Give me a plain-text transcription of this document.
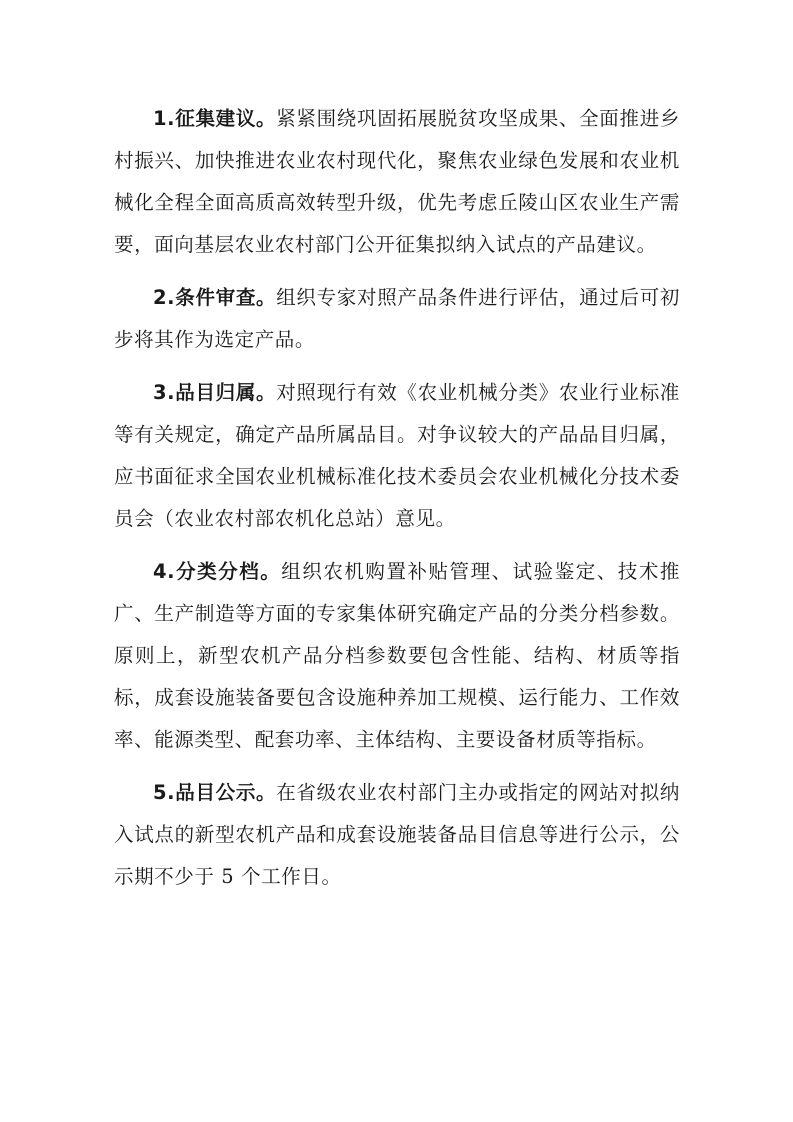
1.征集建议。紧紧围绕巩固拓展脱贫攻坚成果、全面推进乡村振兴、加快推进农业农村现代化，聚焦农业绿色发展和农业机械化全程全面高质高效转型升级，优先考虑丘陵山区农业生产需要，面向基层农业农村部门公开征集拟纳入试点的产品建议。

2.条件审查。组织专家对照产品条件进行评估，通过后可初步将其作为选定产品。

3.品目归属。对照现行有效《农业机械分类》农业行业标准等有关规定，确定产品所属品目。对争议较大的产品品目归属，应书面征求全国农业机械标准化技术委员会农业机械化分技术委员会（农业农村部农机化总站）意见。

4.分类分档。组织农机购置补贴管理、试验鉴定、技术推广、生产制造等方面的专家集体研究确定产品的分类分档参数。原则上，新型农机产品分档参数要包含性能、结构、材质等指标，成套设施装备要包含设施种养加工规模、运行能力、工作效率、能源类型、配套功率、主体结构、主要设备材质等指标。

5.品目公示。在省级农业农村部门主办或指定的网站对拟纳入试点的新型农机产品和成套设施装备品目信息等进行公示，公示期不少于 5 个工作日。
